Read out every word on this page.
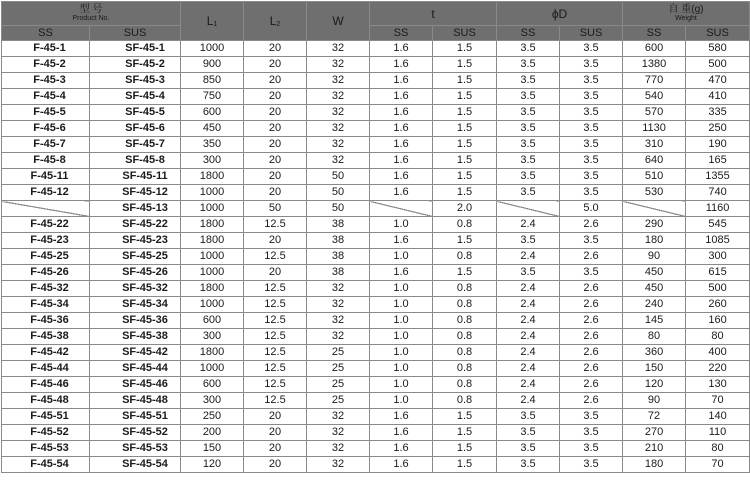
型 号
Product No.		$L_1$	$L_2$	W	t		ϕD		自 重(g)
Weight	

SS	SUS				SS	SUS	SS	SUS	SS	SUS
F-45-1	SF-45-1	1000	20	32	1.6	1.5	3.5	3.5	600	580
F-45-2	SF-45-2	900	20	32	1.6	1.5	3.5	3.5	1380	500
F-45-3	SF-45-3	850	20	32	1.6	1.5	3.5	3.5	770	470
F-45-4	SF-45-4	750	20	32	1.6	1.5	3.5	3.5	540	410
F-45-5	SF-45-5	600	20	32	1.6	1.5	3.5	3.5	570	335
F-45-6	SF-45-6	450	20	32	1.6	1.5	3.5	3.5	1130	250
F-45-7	SF-45-7	350	20	32	1.6	1.5	3.5	3.5	310	190
F-45-8	SF-45-8	300	20	32	1.6	1.5	3.5	3.5	640	165
F-45-11	SF-45-11	1800	20	50	1.6	1.5	3.5	3.5	510	1355
F-45-12	SF-45-12	1000	20	50	1.6	1.5	3.5	3.5	530	740
	SF-45-13	1000	50	50		2.0		5.0		1160
F-45-22	SF-45-22	1800	12.5	38	1.0	0.8	2.4	2.6	290	545
F-45-23	SF-45-23	1800	20	38	1.6	1.5	3.5	3.5	180	1085
F-45-25	SF-45-25	1000	12.5	38	1.0	0.8	2.4	2.6	90	300
F-45-26	SF-45-26	1000	20	38	1.6	1.5	3.5	3.5	450	615
F-45-32	SF-45-32	1800	12.5	32	1.0	0.8	2.4	2.6	450	500
F-45-34	SF-45-34	1000	12.5	32	1.0	0.8	2.4	2.6	240	260
F-45-36	SF-45-36	600	12.5	32	1.0	0.8	2.4	2.6	145	160
F-45-38	SF-45-38	300	12.5	32	1.0	0.8	2.4	2.6	80	80
F-45-42	SF-45-42	1800	12.5	25	1.0	0.8	2.4	2.6	360	400
F-45-44	SF-45-44	1000	12.5	25	1.0	0.8	2.4	2.6	150	220
F-45-46	SF-45-46	600	12.5	25	1.0	0.8	2.4	2.6	120	130
F-45-48	SF-45-48	300	12.5	25	1.0	0.8	2.4	2.6	90	70
F-45-51	SF-45-51	250	20	32	1.6	1.5	3.5	3.5	72	140
F-45-52	SF-45-52	200	20	32	1.6	1.5	3.5	3.5	270	110
F-45-53	SF-45-53	150	20	32	1.6	1.5	3.5	3.5	210	80
F-45-54	SF-45-54	120	20	32	1.6	1.5	3.5	3.5	180	70
